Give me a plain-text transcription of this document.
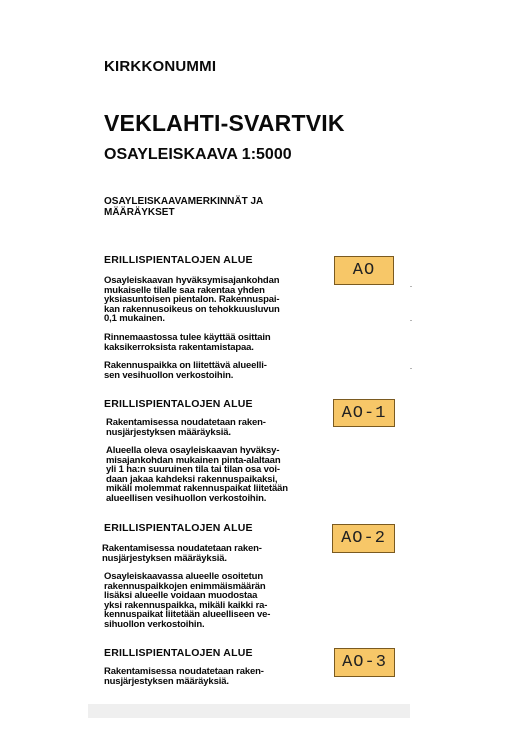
KIRKKONUMMI
VEKLAHTI-SVARTVIK
OSAYLEISKAAVA 1:5000
OSAYLEISKAAVAMERKINNÄT JA MÄÄRÄYKSET
ERILLISPIENTALOJEN ALUE
AO
Osayleiskaavan hyväksymisajankohdan
mukaiselle tilalle saa rakentaa yhden
yksiasuntoisen pientalon. Rakennuspai-
kan rakennusoikeus on tehokkuusluvun
0,1 mukainen.
Rinnemaastossa tulee käyttää osittain
kaksikerroksista rakentamistapaa.
Rakennuspaikka on liitettävä alueelli-
sen vesihuollon verkostoihin.
ERILLISPIENTALOJEN ALUE	AO-1
Rakentamisessa noudatetaan raken-
nusjärjestyksen määräyksiä.
Alueella oleva osayleiskaavan hyväksy-
misajankohdan mukainen pinta-alaltaan
yli 1 ha:n suuruinen tila tai tilan osa voi-
daan jakaa kahdeksi rakennuspaikaksi,
mikäli molemmat rakennuspaikat liitetään
alueellisen vesihuollon verkostoihin.
ERILLISPIENTALOJEN ALUE
AO-2
Rakentamisessa noudatetaan raken-
nusjärjestyksen määräyksiä.
Osayleiskaavassa alueelle osoitetun
rakennuspaikkojen enimmäismäärän
lisäksi alueelle voidaan muodostaa
yksi rakennuspaikka, mikäli kaikki ra-
kennuspaikat liitetään alueelliseen ve-
sihuollon verkostoihin.
ERILLISPIENTALOJEN ALUE	AO-3
Rakentamisessa noudatetaan raken-
nusjärjestyksen määräyksiä.
